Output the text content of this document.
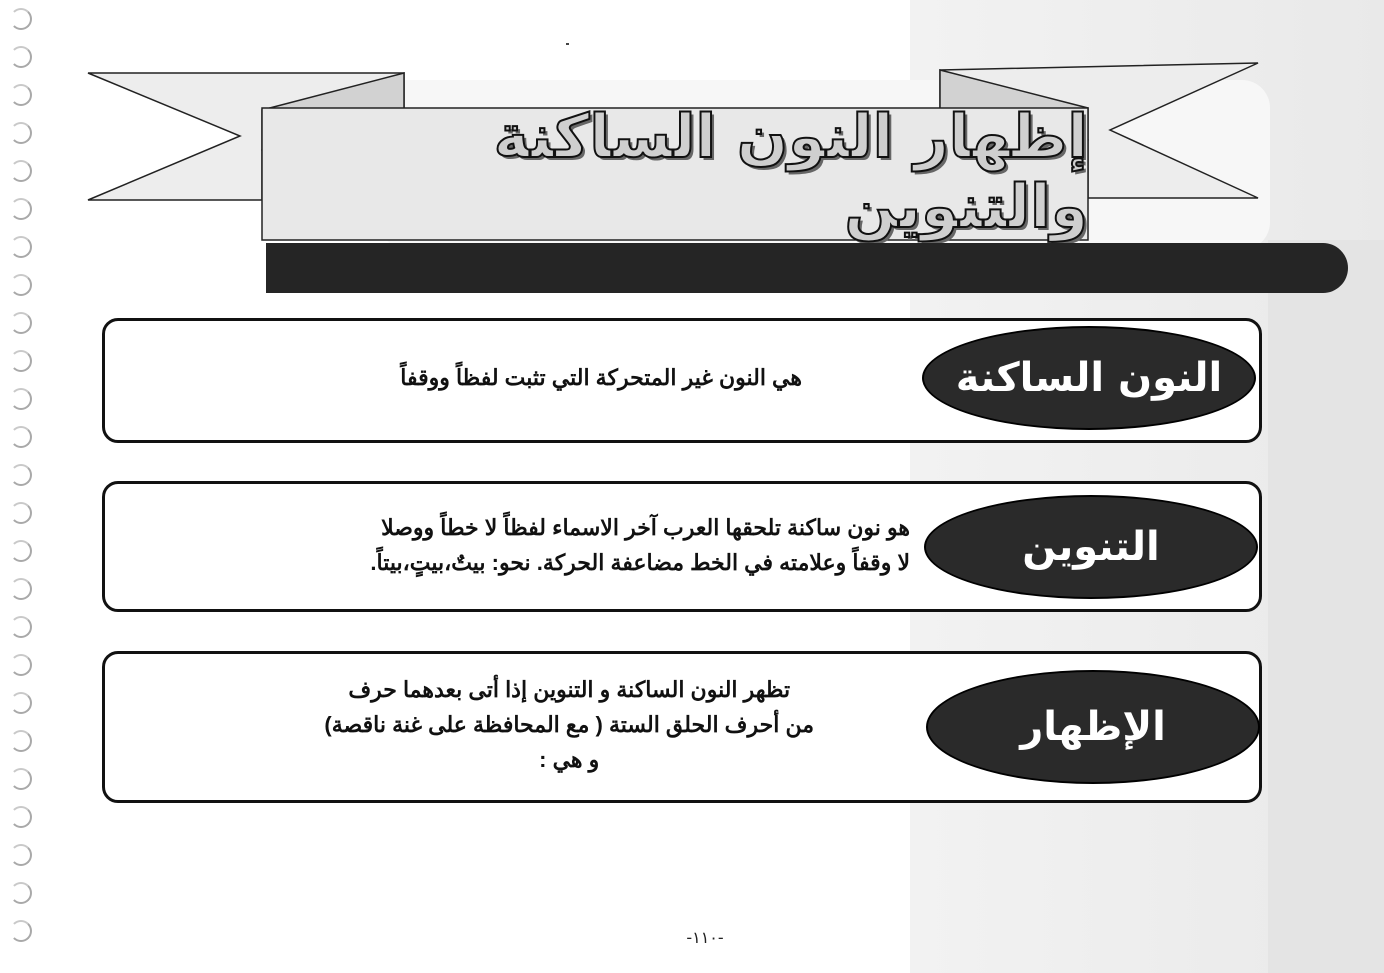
إظهار النون الساكنة والتنوين
النون الساكنة
هي النون غير المتحركة التي تثبت لفظاً ووقفاً
التنوين
هو نون ساكنة تلحقها العرب آخر الاسماء لفظاً لا خطاً ووصلا
لا وقفاً وعلامته في الخط مضاعفة الحركة. نحو: بيتٌ،بيتٍ،بيتاً.
الإظهار
تظهر النون الساكنة و التنوين إذا أتى بعدهما حرف
من أحرف الحلق الستة ( مع المحافظة على غنة ناقصة)
و هي :
-١١٠-
